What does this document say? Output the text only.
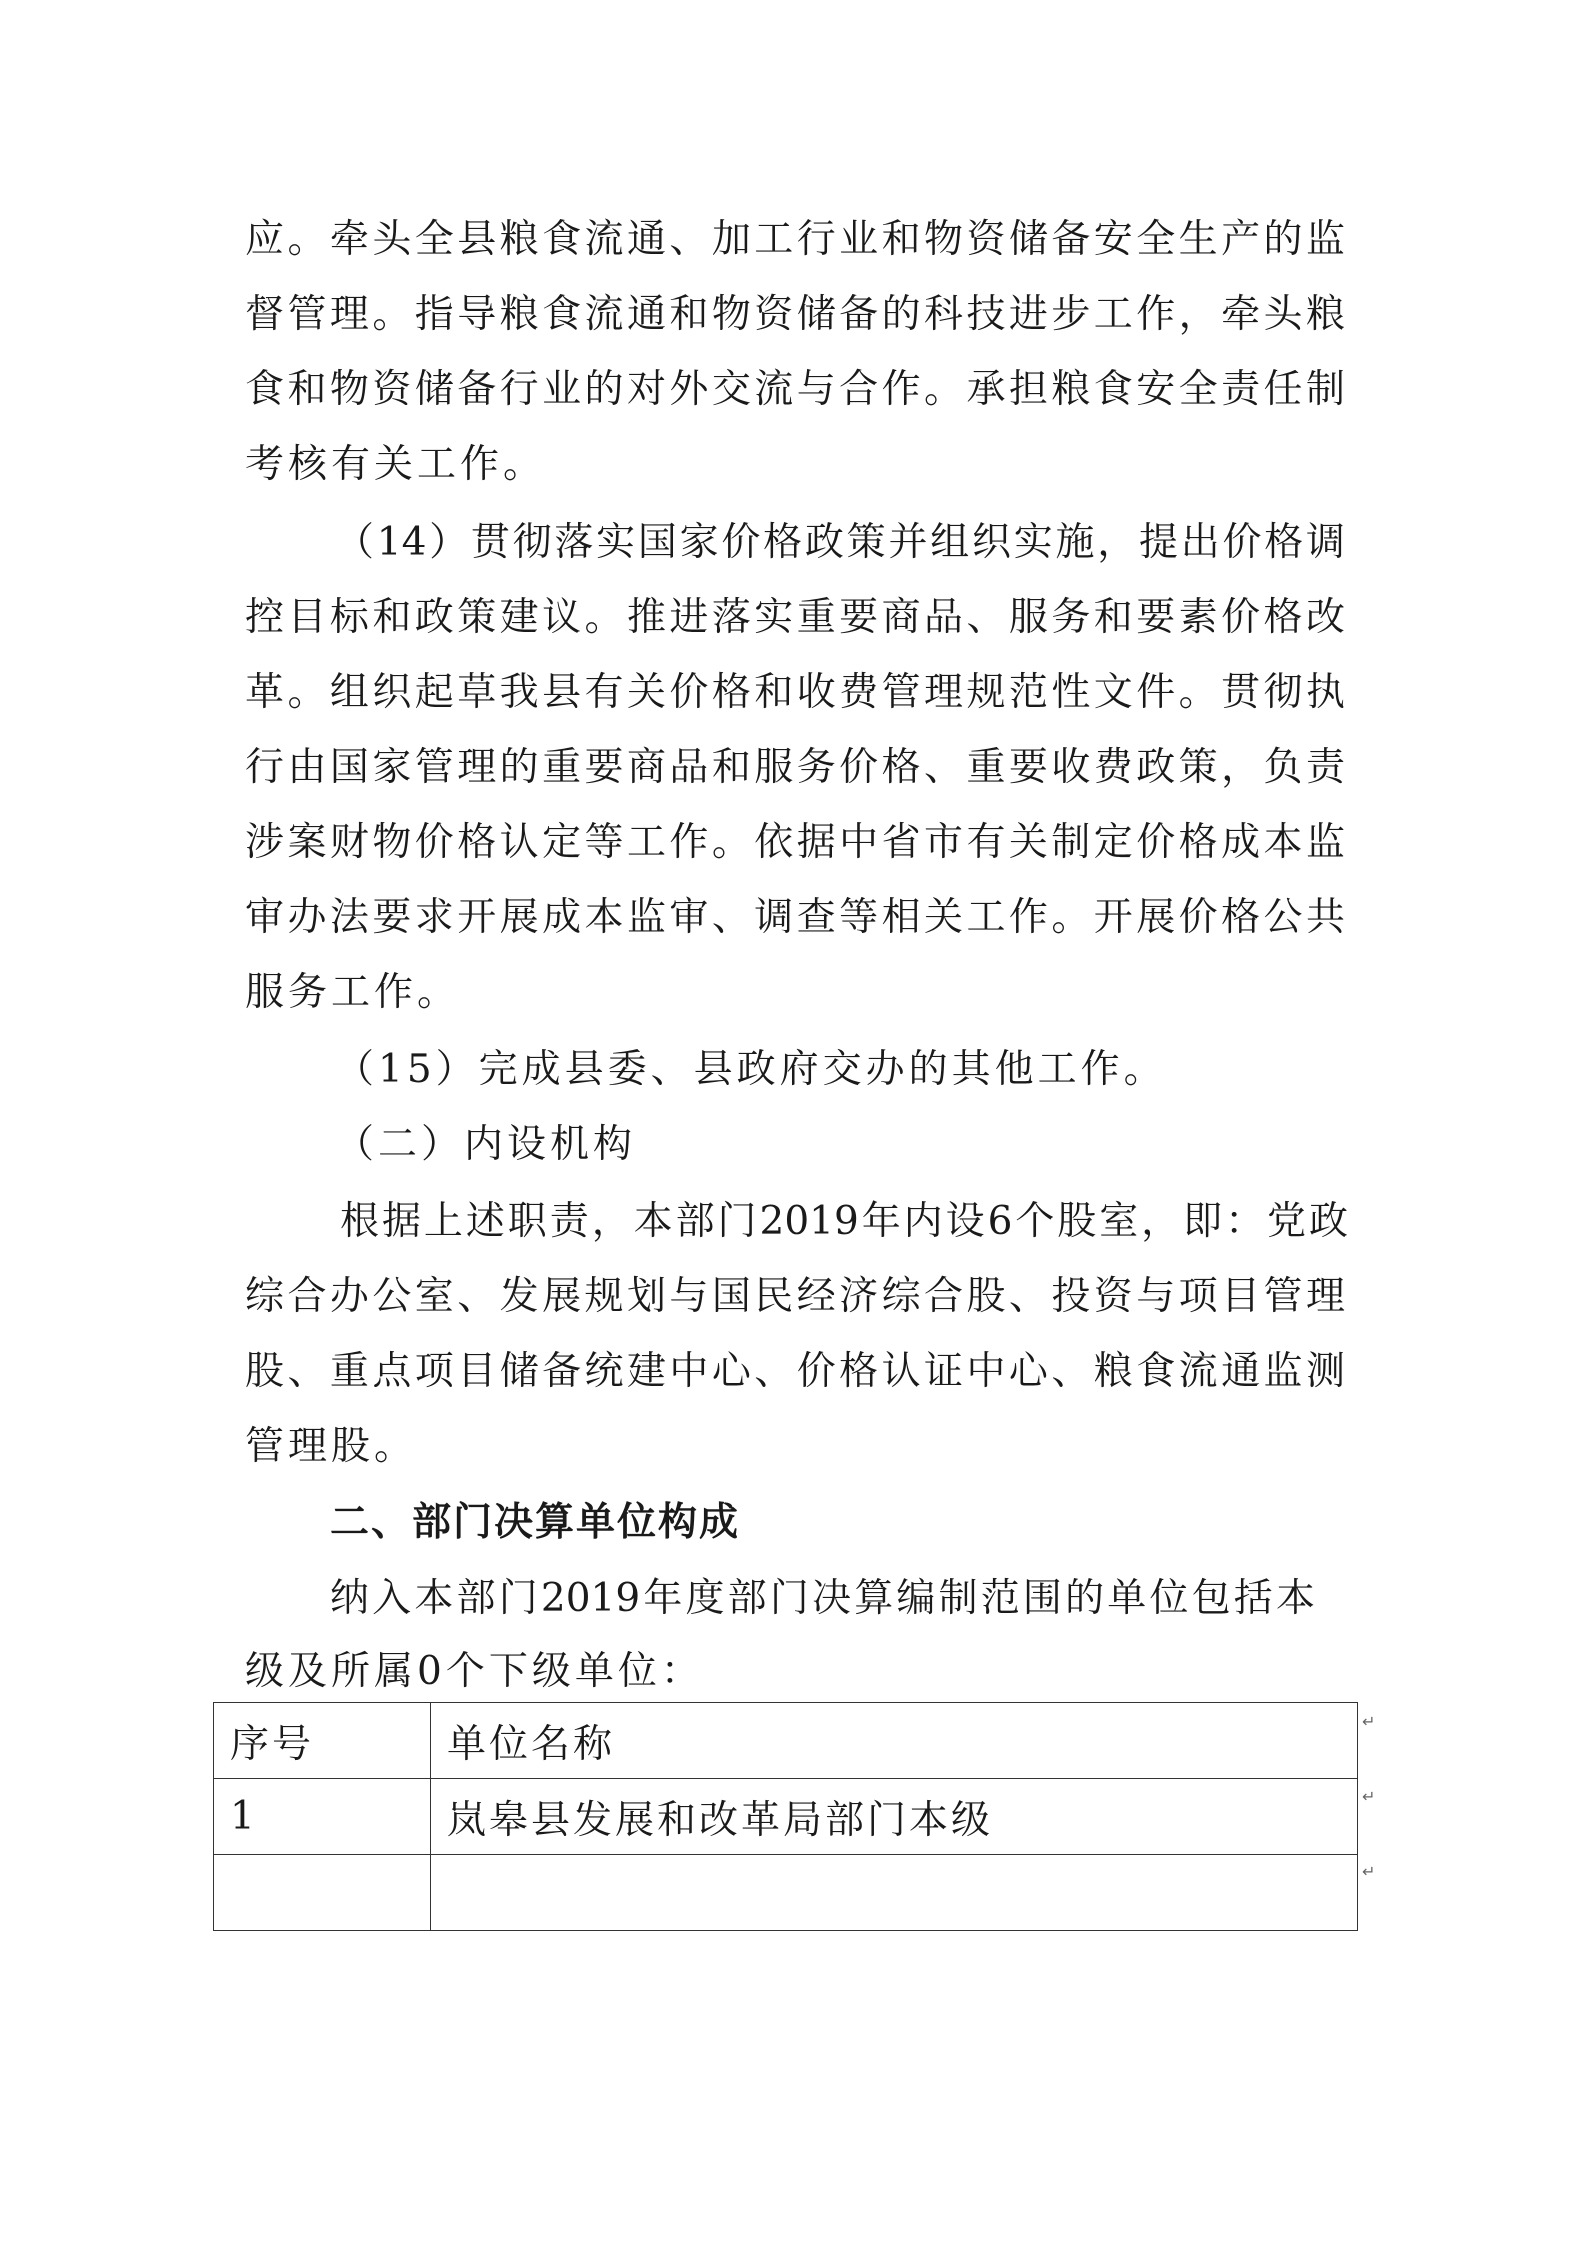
应。牵头全县粮食流通、加工行业和物资储备安全生产的监
督管理。指导粮食流通和物资储备的科技进步工作，牵头粮
食和物资储备行业的对外交流与合作。承担粮食安全责任制
考核有关工作。
（14）贯彻落实国家价格政策并组织实施，提出价格调
控目标和政策建议。推进落实重要商品、服务和要素价格改
革。组织起草我县有关价格和收费管理规范性文件。贯彻执
行由国家管理的重要商品和服务价格、重要收费政策，负责
涉案财物价格认定等工作。依据中省市有关制定价格成本监
审办法要求开展成本监审、调查等相关工作。开展价格公共
服务工作。
（15）完成县委、县政府交办的其他工作。
（二）内设机构
根据上述职责，本部门2019年内设6个股室，即：党政
综合办公室、发展规划与国民经济综合股、投资与项目管理
股、重点项目储备统建中心、价格认证中心、粮食流通监测
管理股。
二、部门决算单位构成
纳入本部门2019年度部门决算编制范围的单位包括本
级及所属0个下级单位：
序号	单位名称
1	岚皋县发展和改革局部门本级

↵
↵
↵
